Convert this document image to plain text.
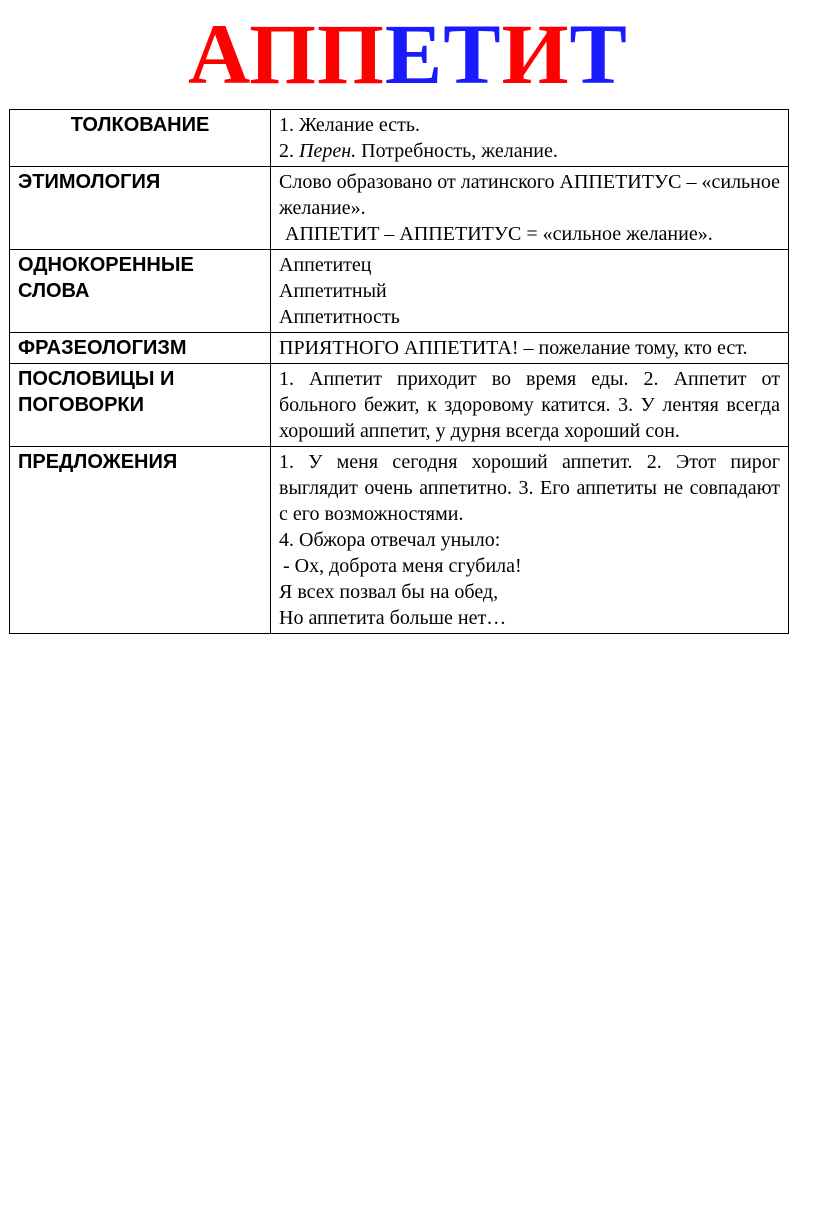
АППЕТИТ
ТОЛКОВАНИЕ	1. Желание есть.
2. Перен. Потребность, желание.

ЭТИМОЛОГИЯ	Слово образовано от латинского АППЕТИТУС – «сильное желание».
АППЕТИТ – АППЕТИТУС = «сильное желание».

ОДНОКОРЕННЫЕ СЛОВА	Аппетитец
Аппетитный
Аппетитность

ФРАЗЕОЛОГИЗМ	ПРИЯТНОГО АППЕТИТА! – пожелание тому, кто ест.
ПОСЛОВИЦЫ И ПОГОВОРКИ	1. Аппетит приходит во время еды. 2. Аппетит от больного бежит, к здоровому катится. 3. У лентяя всегда хороший аппетит, у дурня всегда хороший сон.
ПРЕДЛОЖЕНИЯ	1. У меня сегодня хороший аппетит. 2. Этот пирог выглядит очень аппетитно. 3. Его аппетиты не совпадают с его возможностями.
4. Обжора отвечал уныло:
- Ох, доброта меня сгубила!
Я всех позвал бы на обед,
Но аппетита больше нет…
